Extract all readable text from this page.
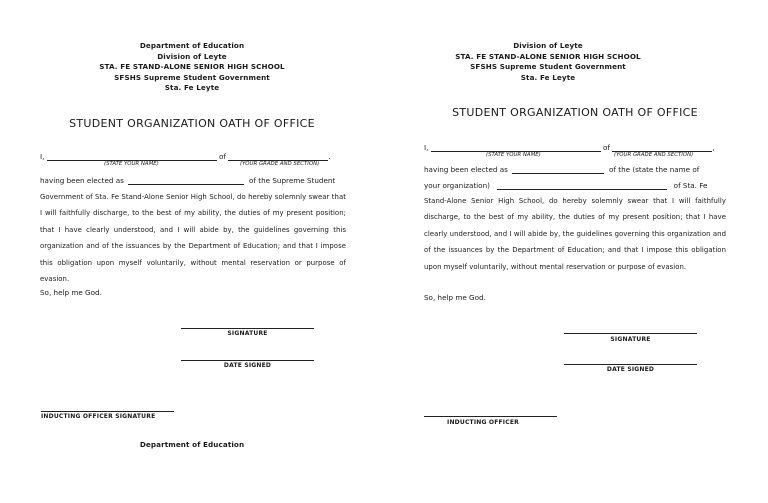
Department of Education
Division of Leyte
STA. FE STAND-ALONE SENIOR HIGH SCHOOL
SFSHS Supreme Student Government
Sta. Fe Leyte
STUDENT ORGANIZATION OATH OF OFFICE
I,	of	.
(STATE YOUR NAME)	(YOUR GRADE AND SECTION)
having been elected as	of the Supreme Student
Government of Sta. Fe Stand-Alone Senior High School, do hereby solemnly swear that I will faithfully discharge, to the best of my ability, the duties of my present position; that I have clearly understood, and I will abide by, the guidelines governing this organization and of the issuances by the Department of Education; and that I impose this obligation upon myself voluntarily, without mental reservation or purpose of evasion.
So, help me God.
SIGNATURE
DATE SIGNED
INDUCTING OFFICER SIGNATURE
Department of Education
Division of Leyte
STA. FE STAND-ALONE SENIOR HIGH SCHOOL
SFSHS Supreme Student Government
Sta. Fe Leyte
STUDENT ORGANIZATION OATH OF OFFICE
I,	of	,
(STATE YOUR NAME)	(YOUR GRADE AND SECTION)
having been elected as	of the (state the name of
your organization)	of Sta. Fe
Stand-Alone Senior High School, do hereby solemnly swear that I will faithfully discharge, to the best of my ability, the duties of my present position; that I have clearly understood, and I will abide by, the guidelines governing this organization and of the issuances by the Department of Education; and that I impose this obligation upon myself voluntarily, without mental reservation or purpose of evasion.
So, help me God.
SIGNATURE
DATE SIGNED
INDUCTING OFFICER
